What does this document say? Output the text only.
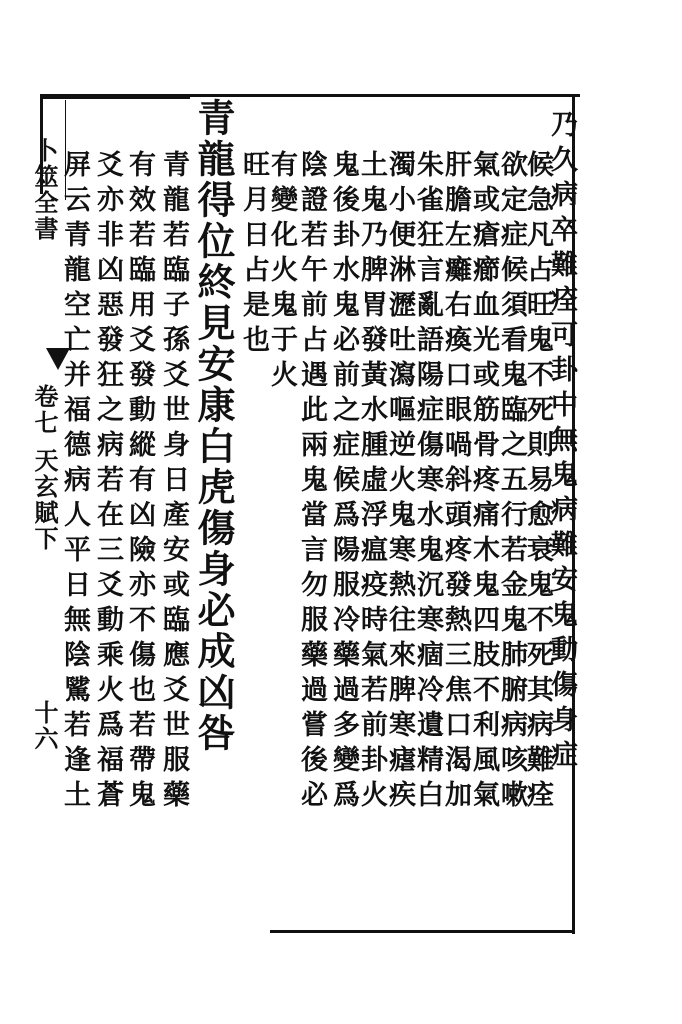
卜筮全書
卷七
天玄賦下
十六	青龍若臨子孫爻世身日產安或臨應爻世服藥
有效若臨用爻發動縱有凶險亦不傷也若帶鬼
爻亦非凶惡發狂之病若在三爻動乘火爲福蒼
屏云青龍空亡并福德病人平日無陰騭若逢土	青龍得位終見安康白虎傷身必成凶咎	乃久病卒難痊可卦中無鬼病難安鬼動傷身症
候急凡占旺鬼不死則易愈衰鬼不死其病難痊
欲定症候須看鬼臨之五行若金鬼肺腑病咳嗽
氣或瘡癤血光或筋骨疼痛木鬼四肢不利風氣
肝膽左癱右瘓口眼喎斜頭疼發熱三焦口渴加
朱雀狂言亂語陽症傷寒水鬼沉寒痼冷遺精白
濁小便淋瀝吐瀉嘔逆火鬼寒熱往來脾寒瘧疾
土鬼乃脾胃發黃水腫虛浮瘟疫時氣若前卦火
鬼後卦水鬼必前之症候爲陽服冷藥過多變爲
陰證若午前占遇此兩鬼當言勿服藥過嘗後必
有變化火鬼于火
旺月日占是也
